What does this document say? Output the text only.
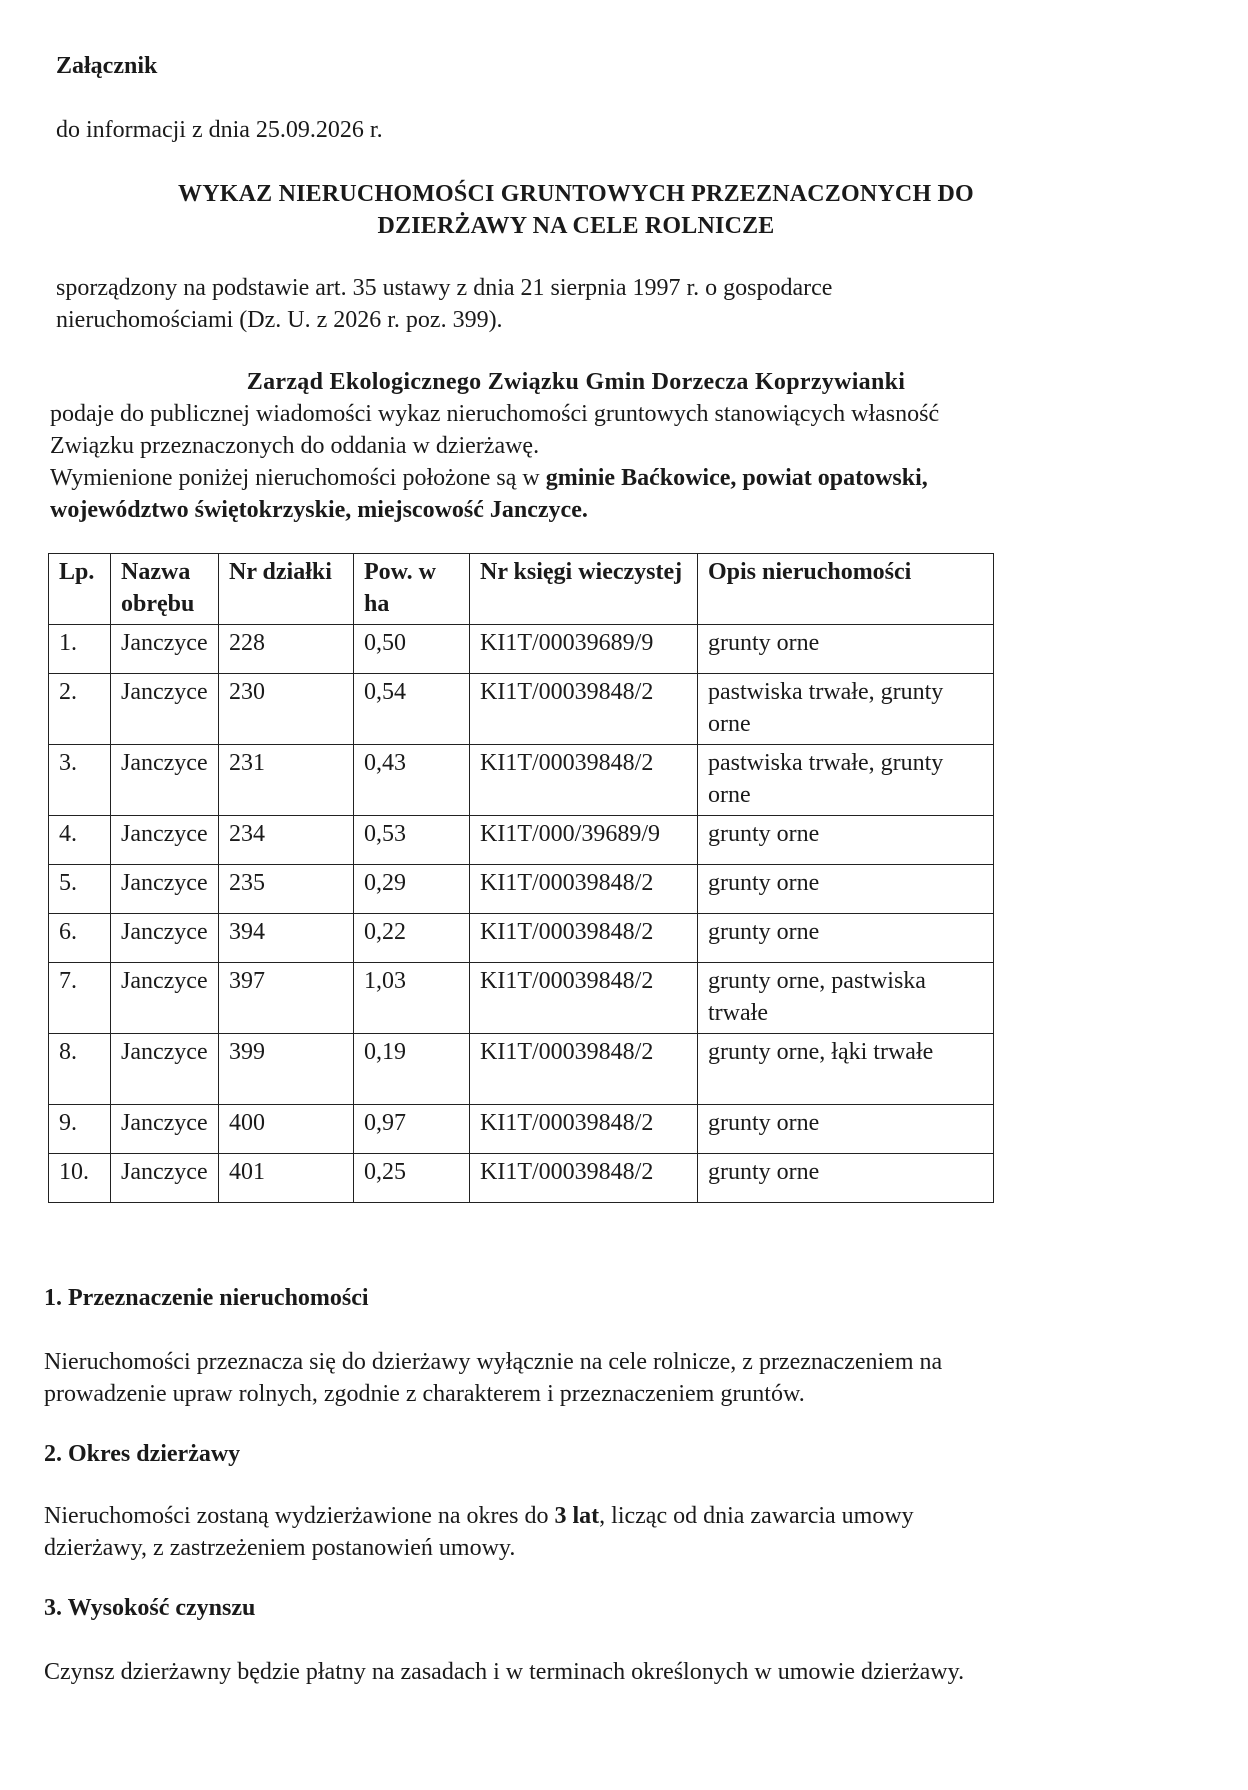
Załącznik
do informacji z dnia 25.09.2026 r.
WYKAZ NIERUCHOMOŚCI GRUNTOWYCH PRZEZNACZONYCH DO
DZIERŻAWY NA CELE ROLNICZE
sporządzony na podstawie art. 35 ustawy z dnia 21 sierpnia 1997 r. o gospodarce
nieruchomościami (Dz. U. z 2026 r. poz. 399).
Zarząd Ekologicznego Związku Gmin Dorzecza Koprzywianki
podaje do publicznej wiadomości wykaz nieruchomości gruntowych stanowiących własność
Związku przeznaczonych do oddania w dzierżawę.
Wymienione poniżej nieruchomości położone są w gminie Baćkowice, powiat opatowski,
województwo świętokrzyskie, miejscowość Janczyce.
Lp.	Nazwa obrębu	Nr działki	Pow. w ha	Nr księgi wieczystej	Opis nieruchomości
1.	Janczyce	228	0,50	KI1T/00039689/9	grunty orne
2.	Janczyce	230	0,54	KI1T/00039848/2	pastwiska trwałe, grunty orne
3.	Janczyce	231	0,43	KI1T/00039848/2	pastwiska trwałe, grunty orne
4.	Janczyce	234	0,53	KI1T/000/39689/9	grunty orne
5.	Janczyce	235	0,29	KI1T/00039848/2	grunty orne
6.	Janczyce	394	0,22	KI1T/00039848/2	grunty orne
7.	Janczyce	397	1,03	KI1T/00039848/2	grunty orne, pastwiska trwałe
8.	Janczyce	399	0,19	KI1T/00039848/2	grunty orne, łąki trwałe
9.	Janczyce	400	0,97	KI1T/00039848/2	grunty orne
10.	Janczyce	401	0,25	KI1T/00039848/2	grunty orne
1. Przeznaczenie nieruchomości
Nieruchomości przeznacza się do dzierżawy wyłącznie na cele rolnicze, z przeznaczeniem na
prowadzenie upraw rolnych, zgodnie z charakterem i przeznaczeniem gruntów.
2. Okres dzierżawy
Nieruchomości zostaną wydzierżawione na okres do 3 lat, licząc od dnia zawarcia umowy
dzierżawy, z zastrzeżeniem postanowień umowy.
3. Wysokość czynszu
Czynsz dzierżawny będzie płatny na zasadach i w terminach określonych w umowie dzierżawy.
